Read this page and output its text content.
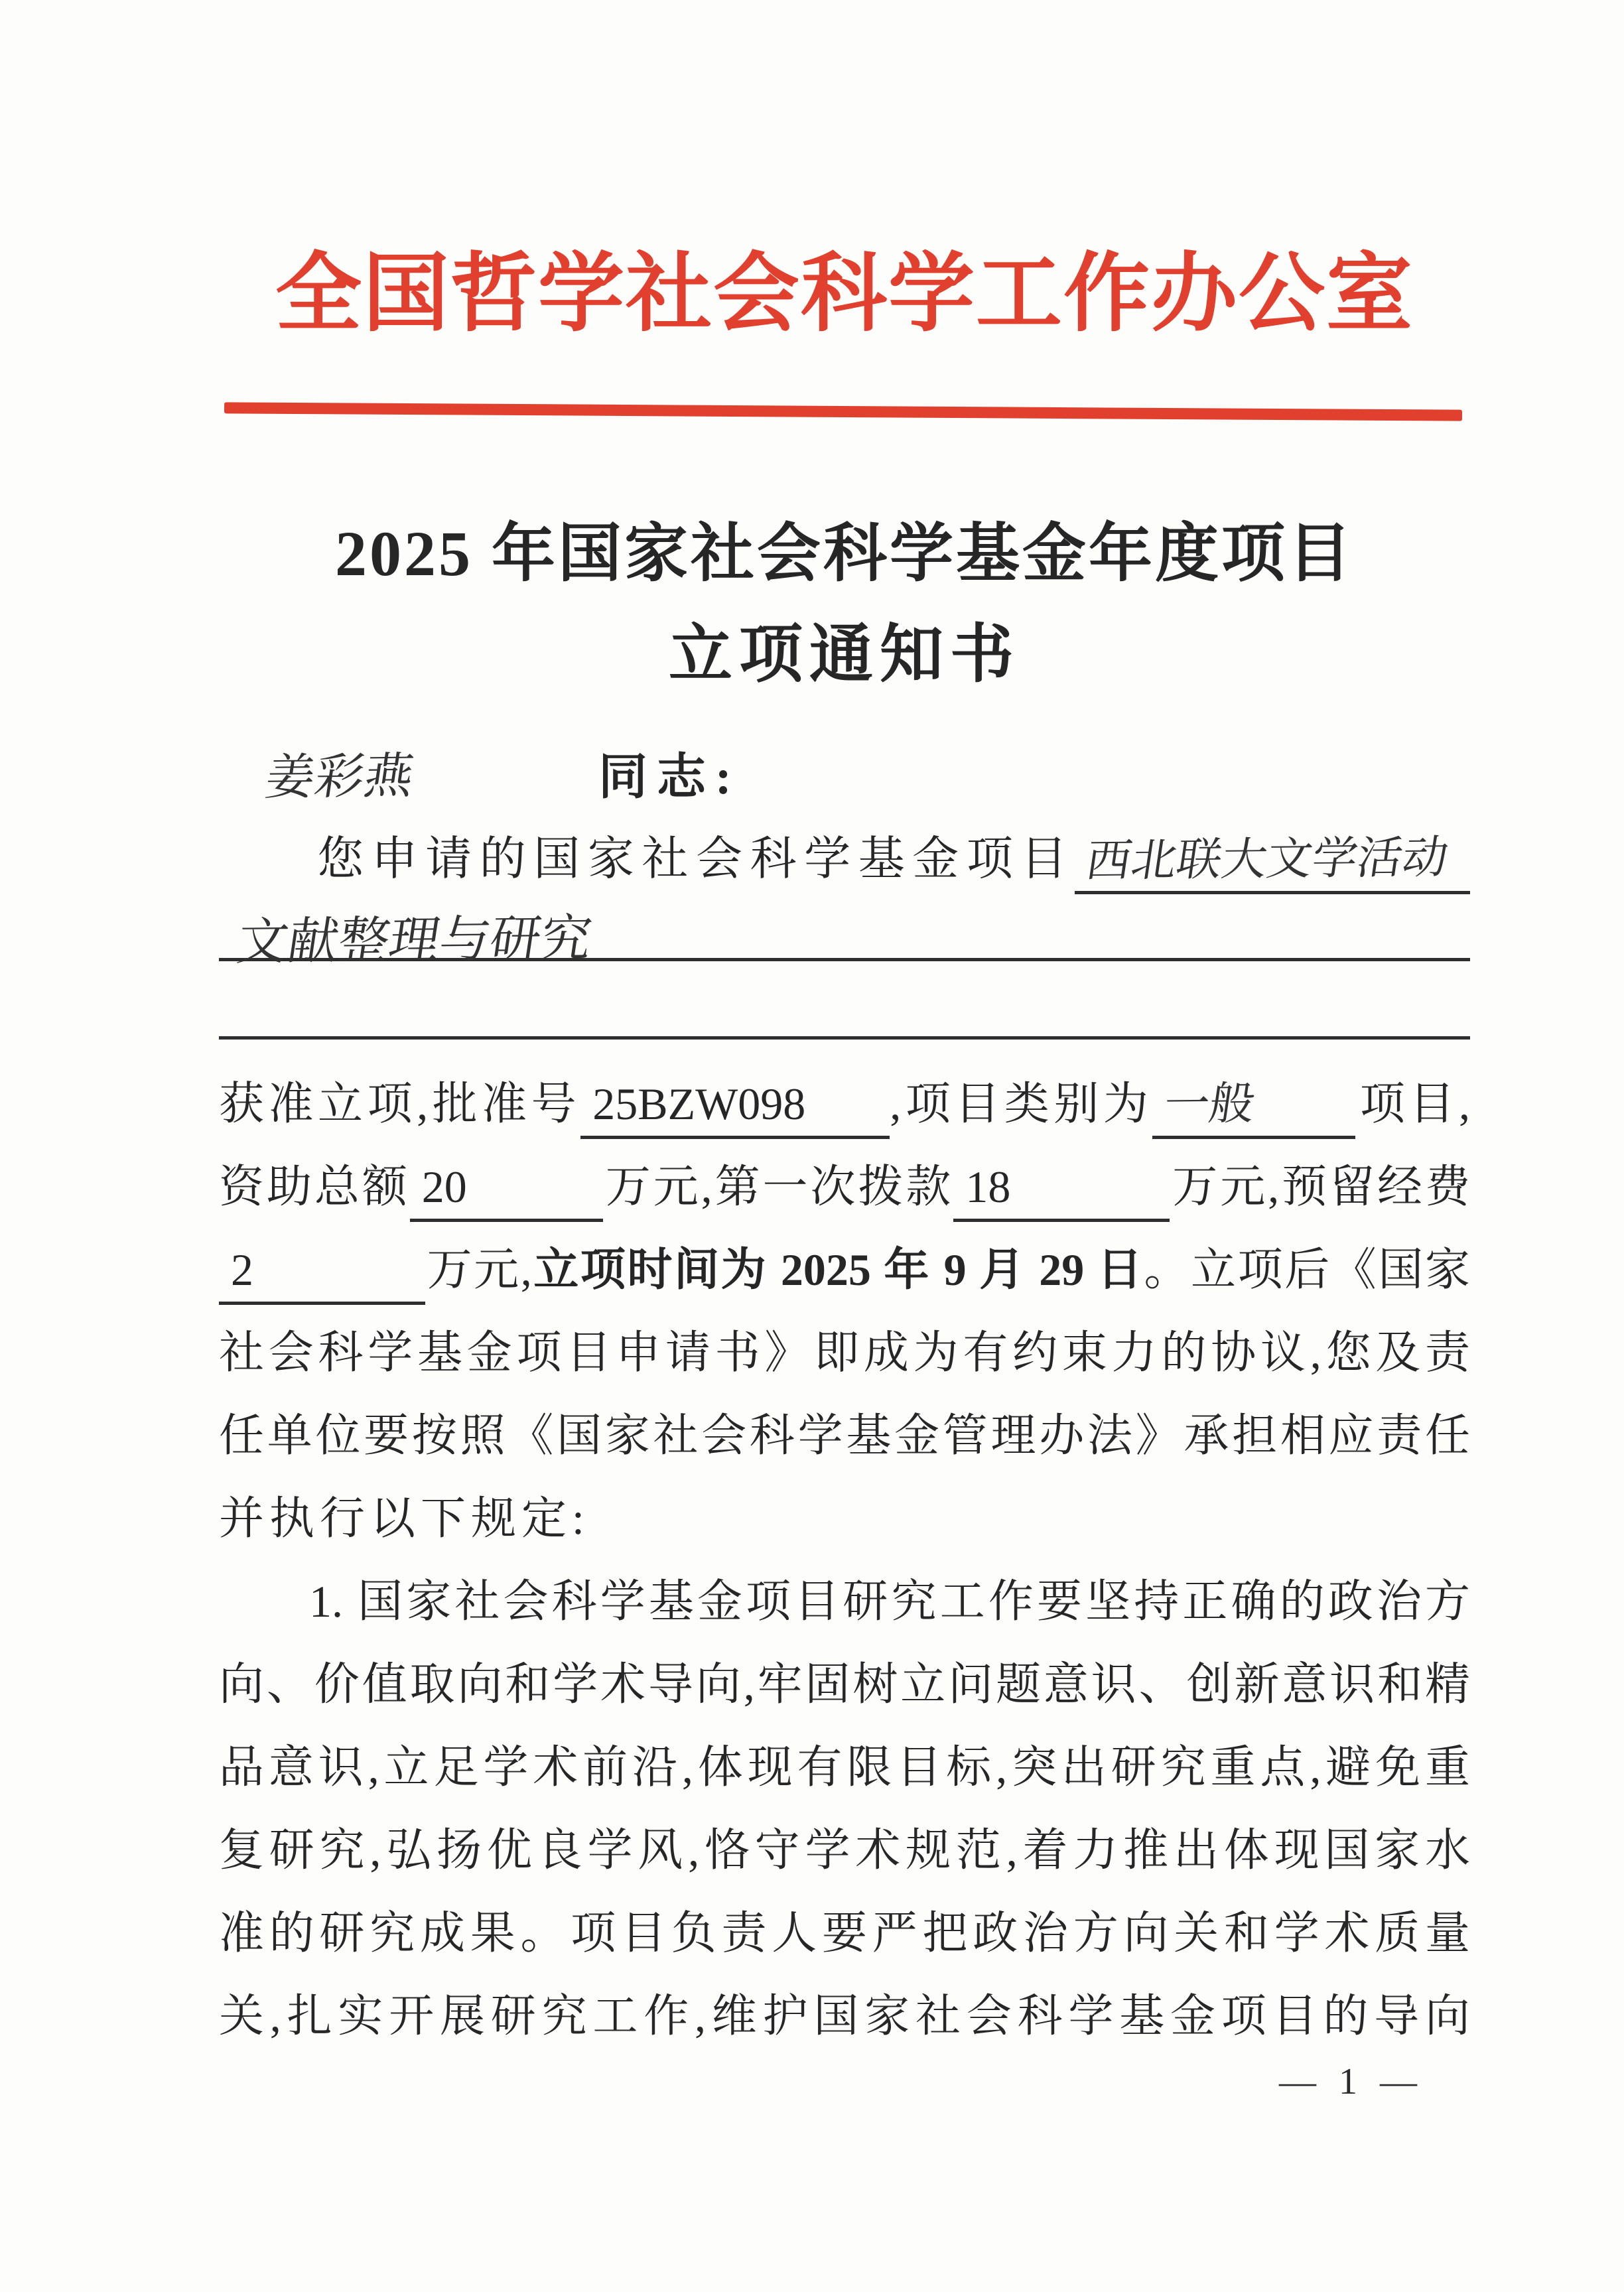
全国哲学社会科学工作办公室
2025 年国家社会科学基金年度项目
立项通知书
姜彩燕	同志:
您申请的国家社会科学基金项目 西北联大文学活动
文献整理与研究
获准立项,批准号 25BZW098 ,项目类别为 一般 项目,
资助总额 20	万元,第一次拨款 18	万元,预留经费
2	万元,立项时间为 2025 年 9 月 29 日。立项后《国家
社会科学基金项目申请书》即成为有约束力的协议,您及责
任单位要按照《国家社会科学基金管理办法》承担相应责任
并执行以下规定:
1. 国家社会科学基金项目研究工作要坚持正确的政治方
向、价值取向和学术导向,牢固树立问题意识、创新意识和精
品意识,立足学术前沿,体现有限目标,突出研究重点,避免重
复研究,弘扬优良学风,恪守学术规范,着力推出体现国家水
准的研究成果。项目负责人要严把政治方向关和学术质量
关,扎实开展研究工作,维护国家社会科学基金项目的导向
— 1 —
